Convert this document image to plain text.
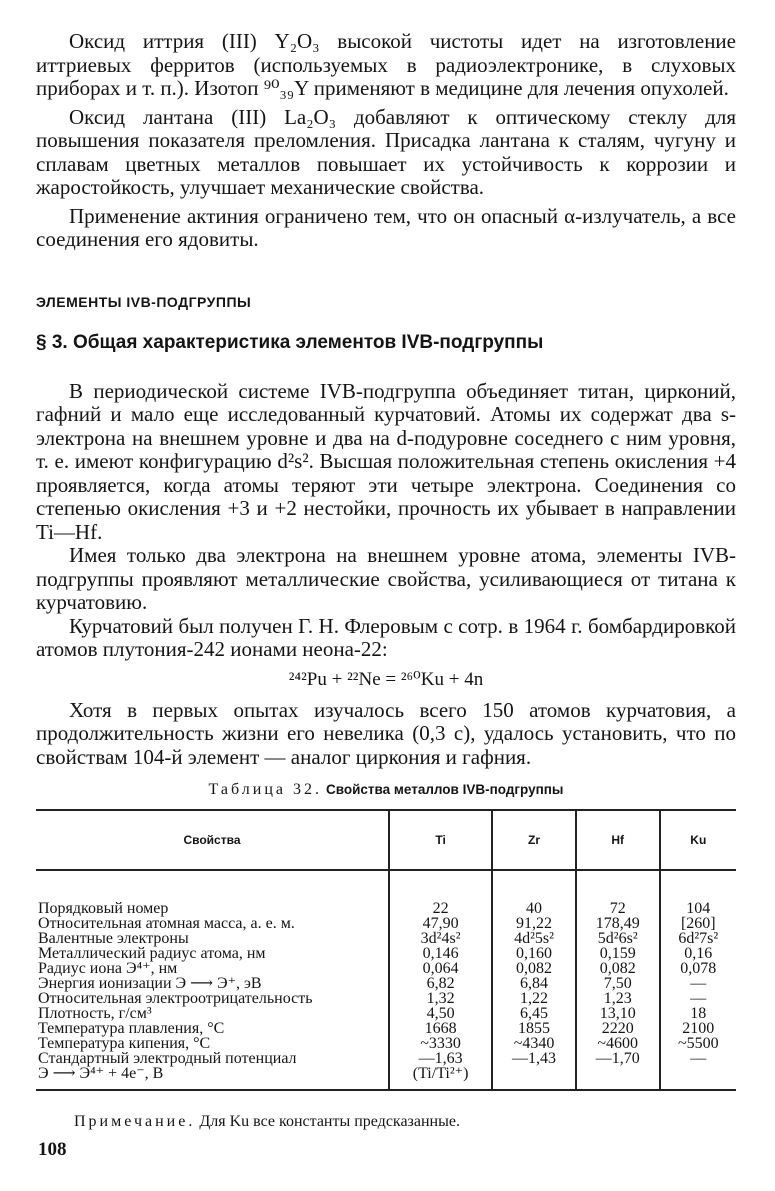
Оксид иттрия (III) Y₂O₃ высокой чистоты идет на изготовление иттриевых ферритов (используемых в радиоэлектронике, в слуховых приборах и т. п.). Изотоп ⁹⁰₃₉Y применяют в медицине для лечения опухолей.

Оксид лантана (III) La₂O₃ добавляют к оптическому стеклу для повышения показателя преломления. Присадка лантана к сталям, чугуну и сплавам цветных металлов повышает их устойчивость к коррозии и жаростойкость, улучшает механические свойства.

Применение актиния ограничено тем, что он опасный α-излучатель, а все соединения его ядовиты.

ЭЛЕМЕНТЫ IVB-ПОДГРУППЫ
§ 3. Общая характеристика элементов IVB-подгруппы

В периодической системе IVB-подгруппа объединяет титан, цирконий, гафний и мало еще исследованный курчатовий. Атомы их содержат два s-электрона на внешнем уровне и два на d-подуровне соседнего с ним уровня, т. е. имеют конфигурацию d²s². Высшая положительная степень окисления +4 проявляется, когда атомы теряют эти четыре электрона. Соединения со степенью окисления +3 и +2 нестойки, прочность их убывает в направлении Ti—Hf.

Имея только два электрона на внешнем уровне атома, элементы IVB-подгруппы проявляют металлические свойства, усиливающиеся от титана к курчатовию.

Курчатовий был получен Г. Н. Флеровым с сотр. в 1964 г. бомбардировкой атомов плутония-242 ионами неона-22:

²⁴²Pu + ²²Ne = ²⁶⁰Ku + 4n

Хотя в первых опытах изучалось всего 150 атомов курчатовия, а продолжительность жизни его невелика (0,3 с), удалось установить, что по свойствам 104-й элемент — аналог циркония и гафния.

Таблица 32. Свойства металлов IVB-подгруппы
Свойства	Ti	Zr	Hf	Ku
Порядковый номер	22	40	72	104
Относительная атомная масса, а. е. м.	47,90	91,22	178,49	[260]
Валентные электроны	3d²4s²	4d²5s²	5d²6s²	6d²7s²
Металлический радиус атома, нм	0,146	0,160	0,159	0,16
Радиус иона Э⁴⁺, нм	0,064	0,082	0,082	0,078
Энергия ионизации Э ⟶ Э⁺, эВ	6,82	6,84	7,50	—
Относительная электроотрицательность	1,32	1,22	1,23	—
Плотность, г/см³	4,50	6,45	13,10	18
Температура плавления, °С	1668	1855	2220	2100
Температура кипения, °С	~3330	~4340	~4600	~5500
Стандартный электродный потенциал	—1,63	—1,43	—1,70	—
Э ⟶ Э⁴⁺ + 4e⁻, В	(Ti/Ti²⁺)			
Примечание. Для Ku все константы предсказанные.
108
